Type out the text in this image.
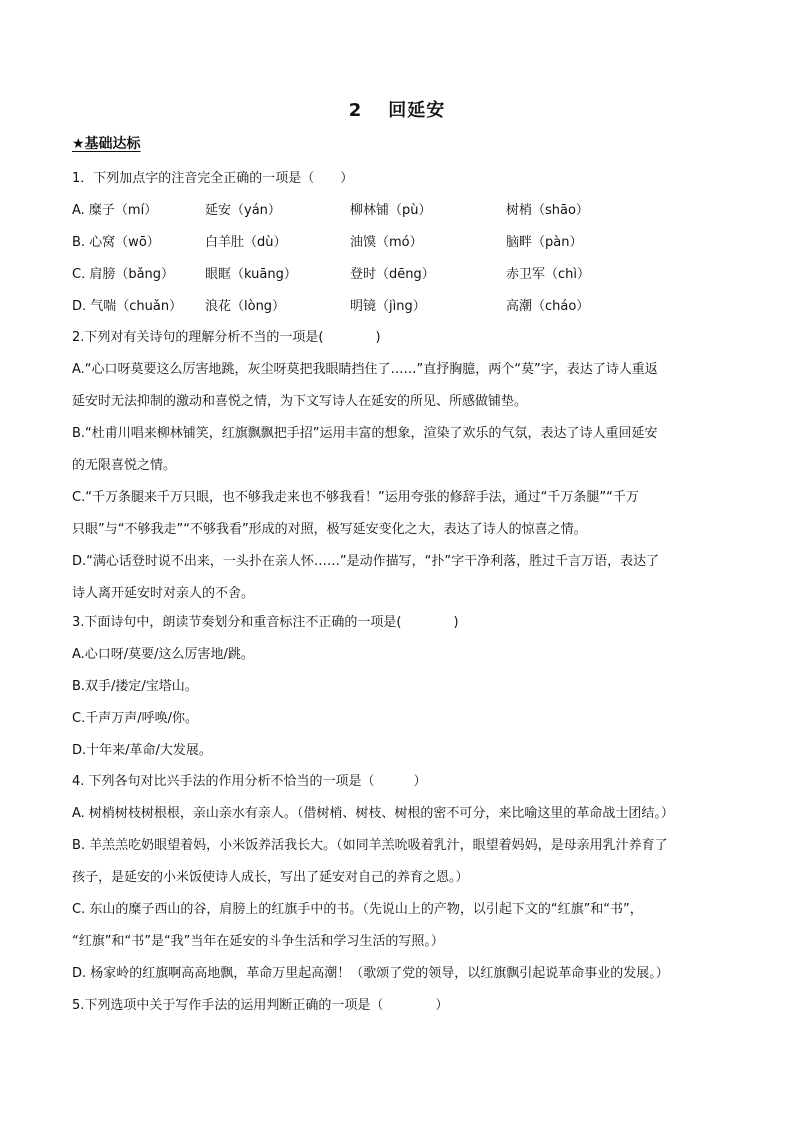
2 回延安
★基础达标
1．下列加点字的注音完全正确的一项是（　　）
A. 糜子（mí）	延安（yán）	柳林铺（pù）	树梢（shāo）
B. 心窝（wō）	白羊肚（dù）	油馍（mó）	脑畔（pàn）
C. 肩膀（bǎng） 眼眶（kuāng）	登时（dēng）	赤卫军（chì）
D. 气喘（chuǎn） 浪花（lòng）	明镜（jìng）	高潮（cháo）
2.下列对有关诗句的理解分析不当的一项是(　　　　)
A.“心口呀莫要这么厉害地跳，灰尘呀莫把我眼睛挡住了……”直抒胸臆，两个“莫”字，表达了诗人重返
延安时无法抑制的激动和喜悦之情，为下文写诗人在延安的所见、所感做铺垫。
B.“杜甫川唱来柳林铺笑，红旗飘飘把手招”运用丰富的想象，渲染了欢乐的气氛，表达了诗人重回延安
的无限喜悦之情。
C.“千万条腿来千万只眼，也不够我走来也不够我看！”运用夸张的修辞手法，通过“千万条腿”“千万
只眼”与“不够我走”“不够我看”形成的对照，极写延安变化之大，表达了诗人的惊喜之情。
D.“满心话登时说不出来，一头扑在亲人怀……”是动作描写，“扑”字干净利落，胜过千言万语，表达了
诗人离开延安时对亲人的不舍。
3.下面诗句中，朗读节奏划分和重音标注不正确的一项是(　　　　)
A.心口呀/莫要/这么厉害地/跳。
B.双手/搂定/宝塔山。
C.千声万声/呼唤/你。
D.十年来/革命/大发展。
4. 下列各句对比兴手法的作用分析不恰当的一项是（　　　）
A. 树梢树枝树根根，亲山亲水有亲人。（借树梢、树枝、树根的密不可分，来比喻这里的革命战士团结。）
B. 羊羔羔吃奶眼望着妈，小米饭养活我长大。（如同羊羔吮吸着乳汁，眼望着妈妈，是母亲用乳汁养育了
孩子，是延安的小米饭使诗人成长，写出了延安对自己的养育之恩。）
C. 东山的糜子西山的谷，肩膀上的红旗手中的书。（先说山上的产物，以引起下文的“红旗”和“书”，
“红旗”和“书”是“我”当年在延安的斗争生活和学习生活的写照。）
D. 杨家岭的红旗啊高高地飘，革命万里起高潮！（歌颂了党的领导，以红旗飘引起说革命事业的发展。）
5.下列选项中关于写作手法的运用判断正确的一项是（　　　　）
